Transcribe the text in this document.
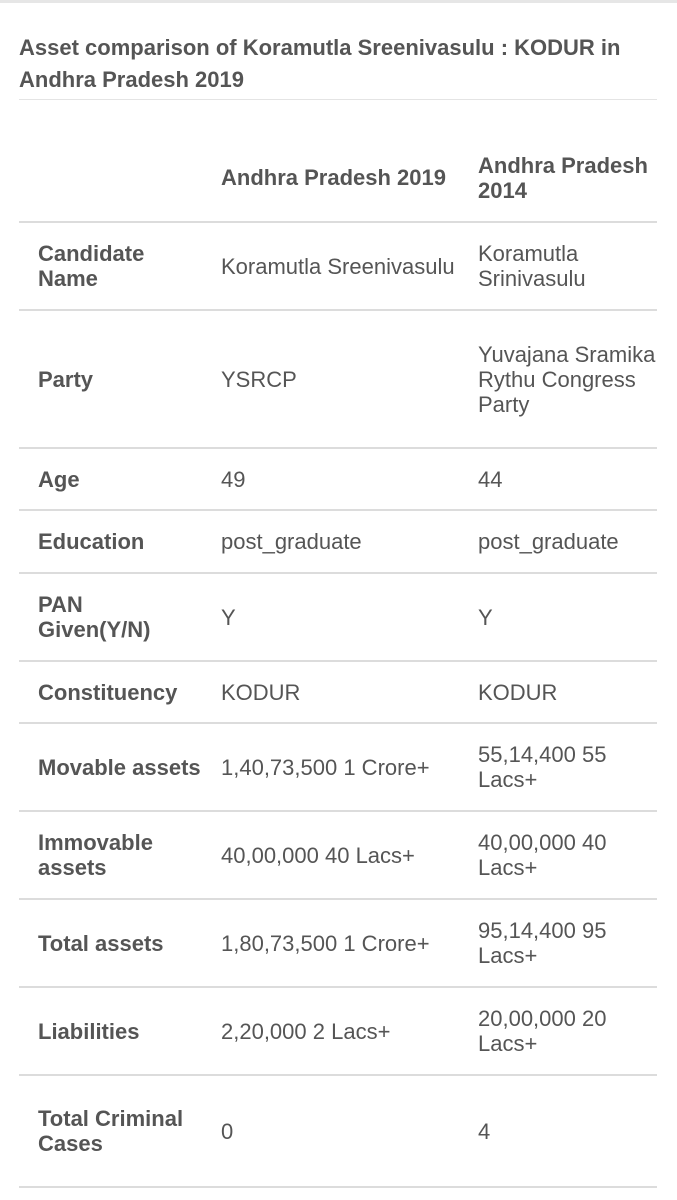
Asset comparison of Koramutla Sreenivasulu : KODUR in Andhra Pradesh 2019
	Andhra Pradesh 2019	Andhra Pradesh 2014
Candidate Name	Koramutla Sreenivasulu	Koramutla Srinivasulu
Party	YSRCP	Yuvajana Sramika Rythu Congress Party
Age	49	44
Education	post_graduate	post_graduate
PAN Given(Y/N)	Y	Y
Constituency	KODUR	KODUR
Movable assets	1,40,73,500 1 Crore+	55,14,400 55 Lacs+
Immovable assets	40,00,000 40 Lacs+	40,00,000 40 Lacs+
Total assets	1,80,73,500 1 Crore+	95,14,400 95 Lacs+
Liabilities	2,20,000 2 Lacs+	20,00,000 20 Lacs+
Total Criminal Cases	0	4
